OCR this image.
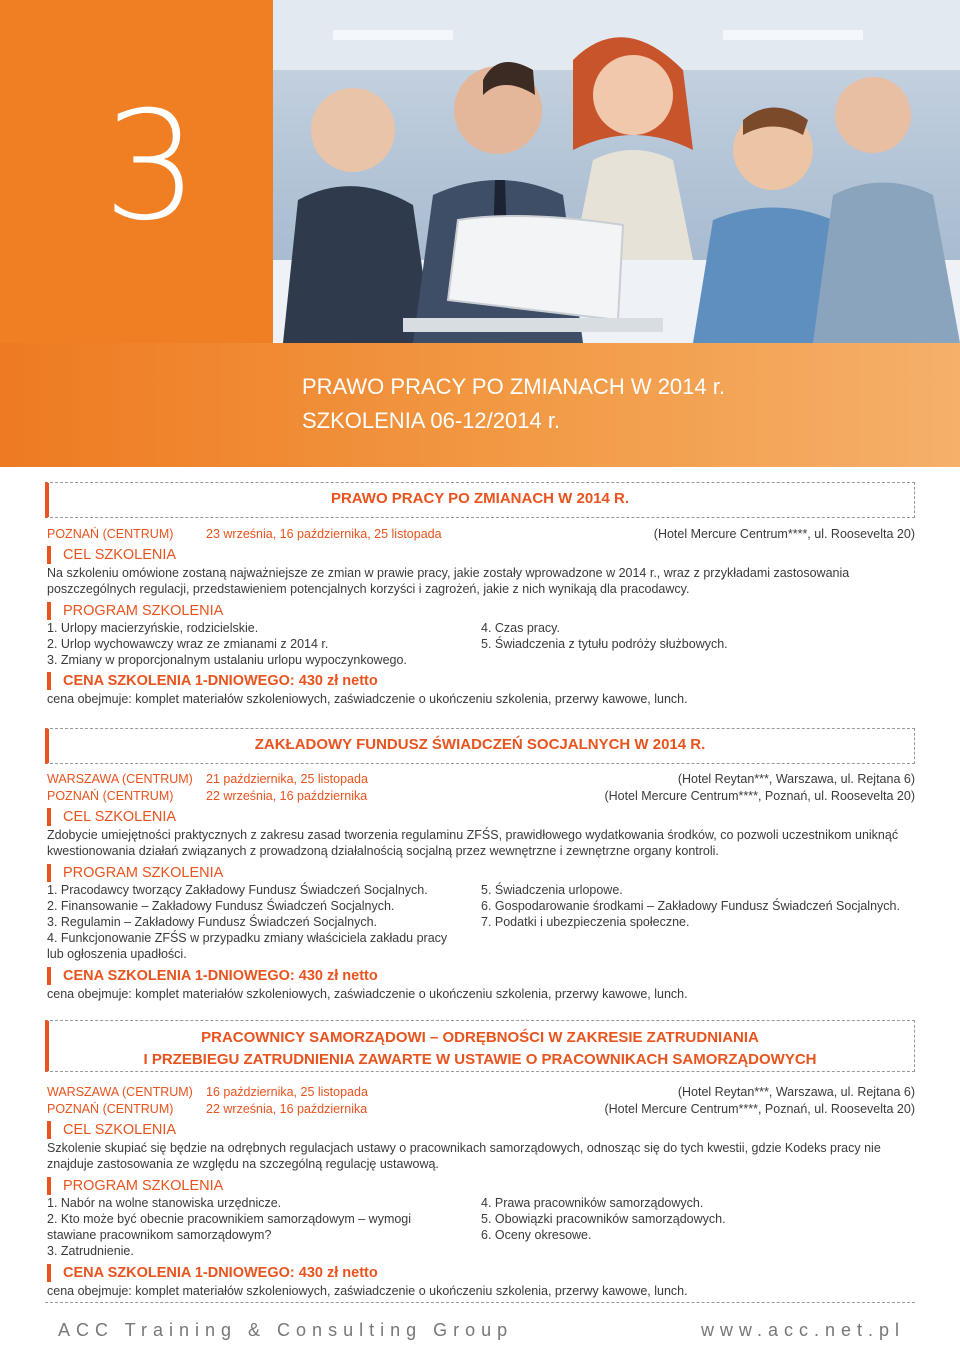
3
PRAWO PRACY PO ZMIANACH W 2014 r.
SZKOLENIA 06-12/2014 r.
PRAWO PRACY PO ZMIANACH W 2014 R.
POZNAŃ (CENTRUM)	23 września, 16 października, 25 listopada	(Hotel Mercure Centrum****, ul. Roosevelta 20)
CEL SZKOLENIA
Na szkoleniu omówione zostaną najważniejsze ze zmian w prawie pracy, jakie zostały wprowadzone w 2014 r., wraz z przykładami zastosowania poszczególnych regulacji, przedstawieniem potencjalnych korzyści i zagrożeń, jakie z nich wynikają dla pracodawcy.
PROGRAM SZKOLENIA
1. Urlopy macierzyńskie, rodzicielskie.
2. Urlop wychowawczy wraz ze zmianami z 2014 r.
3. Zmiany w proporcjonalnym ustalaniu urlopu wypoczynkowego.
4. Czas pracy.
5. Świadczenia z tytułu podróży służbowych.
CENA SZKOLENIA 1-DNIOWEGO: 430 zł netto
cena obejmuje: komplet materiałów szkoleniowych, zaświadczenie o ukończeniu szkolenia, przerwy kawowe, lunch.
ZAKŁADOWY FUNDUSZ ŚWIADCZEŃ SOCJALNYCH W 2014 R.
WARSZAWA (CENTRUM) 21 października, 25 listopada	(Hotel Reytan***, Warszawa, ul. Rejtana 6)
POZNAŃ (CENTRUM)	22 września, 16 października	(Hotel Mercure Centrum****, Poznań, ul. Roosevelta 20)
CEL SZKOLENIA
Zdobycie umiejętności praktycznych z zakresu zasad tworzenia regulaminu ZFŚS, prawidłowego wydatkowania środków, co pozwoli uczestnikom uniknąć kwestionowania działań związanych z prowadzoną działalnością socjalną przez wewnętrzne i zewnętrzne organy kontroli.
PROGRAM SZKOLENIA
1. Pracodawcy tworzący Zakładowy Fundusz Świadczeń Socjalnych.
2. Finansowanie – Zakładowy Fundusz Świadczeń Socjalnych.
3. Regulamin – Zakładowy Fundusz Świadczeń Socjalnych.
4. Funkcjonowanie ZFŚS w przypadku zmiany właściciela zakładu pracy lub ogłoszenia upadłości.
5. Świadczenia urlopowe.
6. Gospodarowanie środkami – Zakładowy Fundusz Świadczeń Socjalnych.
7. Podatki i ubezpieczenia społeczne.
CENA SZKOLENIA 1-DNIOWEGO: 430 zł netto
cena obejmuje: komplet materiałów szkoleniowych, zaświadczenie o ukończeniu szkolenia, przerwy kawowe, lunch.
PRACOWNICY SAMORZĄDOWI – ODRĘBNOŚCI W ZAKRESIE ZATRUDNIANIA
I PRZEBIEGU ZATRUDNIENIA ZAWARTE W USTAWIE O PRACOWNIKACH SAMORZĄDOWYCH
WARSZAWA (CENTRUM) 16 października, 25 listopada	(Hotel Reytan***, Warszawa, ul. Rejtana 6)
POZNAŃ (CENTRUM)	22 września, 16 października	(Hotel Mercure Centrum****, Poznań, ul. Roosevelta 20)
CEL SZKOLENIA
Szkolenie skupiać się będzie na odrębnych regulacjach ustawy o pracownikach samorządowych, odnosząc się do tych kwestii, gdzie Kodeks pracy nie znajduje zastosowania ze względu na szczególną regulację ustawową.
PROGRAM SZKOLENIA
1. Nabór na wolne stanowiska urzędnicze.
2. Kto może być obecnie pracownikiem samorządowym – wymogi stawiane pracownikom samorządowym?
3. Zatrudnienie.
4. Prawa pracowników samorządowych.
5. Obowiązki pracowników samorządowych.
6. Oceny okresowe.
CENA SZKOLENIA 1-DNIOWEGO: 430 zł netto
cena obejmuje: komplet materiałów szkoleniowych, zaświadczenie o ukończeniu szkolenia, przerwy kawowe, lunch.
ACC Training & Consulting Group	www.acc.net.pl
